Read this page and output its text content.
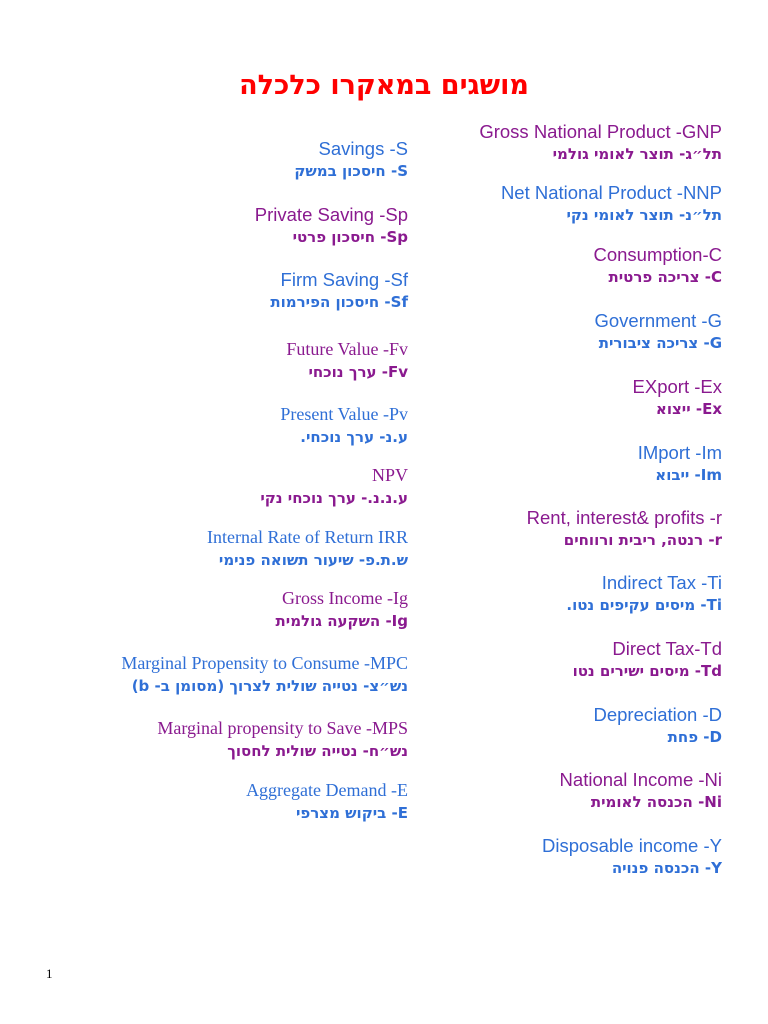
מושגים במאקרו כלכלה
Savings -S
S- חיסכון במשק
Private Saving -Sp
Sp- חיסכון פרטי
Firm Saving -Sf
Sf- חיסכון הפירמות
Future Value -Fv
Fv- ערך נוכחי
Present Value -Pv
ע.נ- ערך נוכחי.
NPV
ע.נ.נ.- ערך נוכחי נקי
Internal Rate of Return IRR
ש.ת.פ- שיעור תשואה פנימי
Gross Income -Ig
Ig- השקעה גולמית
Marginal Propensity to Consume -MPC
נש״צ- נטייה שולית לצרוך (מסומן ב- b)
Marginal propensity to Save -MPS
נש״ח- נטייה שולית לחסוך
Aggregate Demand -E
E- ביקוש מצרפי
Gross National Product -GNP
תל״ג- תוצר לאומי גולמי
Net National Product -NNP
תל״נ- תוצר לאומי נקי
Consumption-C
C- צריכה פרטית
Government -G
G- צריכה ציבורית
EXport -Ex
Ex- ייצוא
IMport -Im
Im- ייבוא
Rent, interest& profits -r
r- רנטה, ריבית ורווחים
Indirect Tax -Ti
Ti- מיסים עקיפים נטו.
Direct Tax-Td
Td- מיסים ישירים נטו
Depreciation -D
D- פחת
National Income -Ni
Ni- הכנסה לאומית
Disposable income -Y
Y- הכנסה פנויה
1
